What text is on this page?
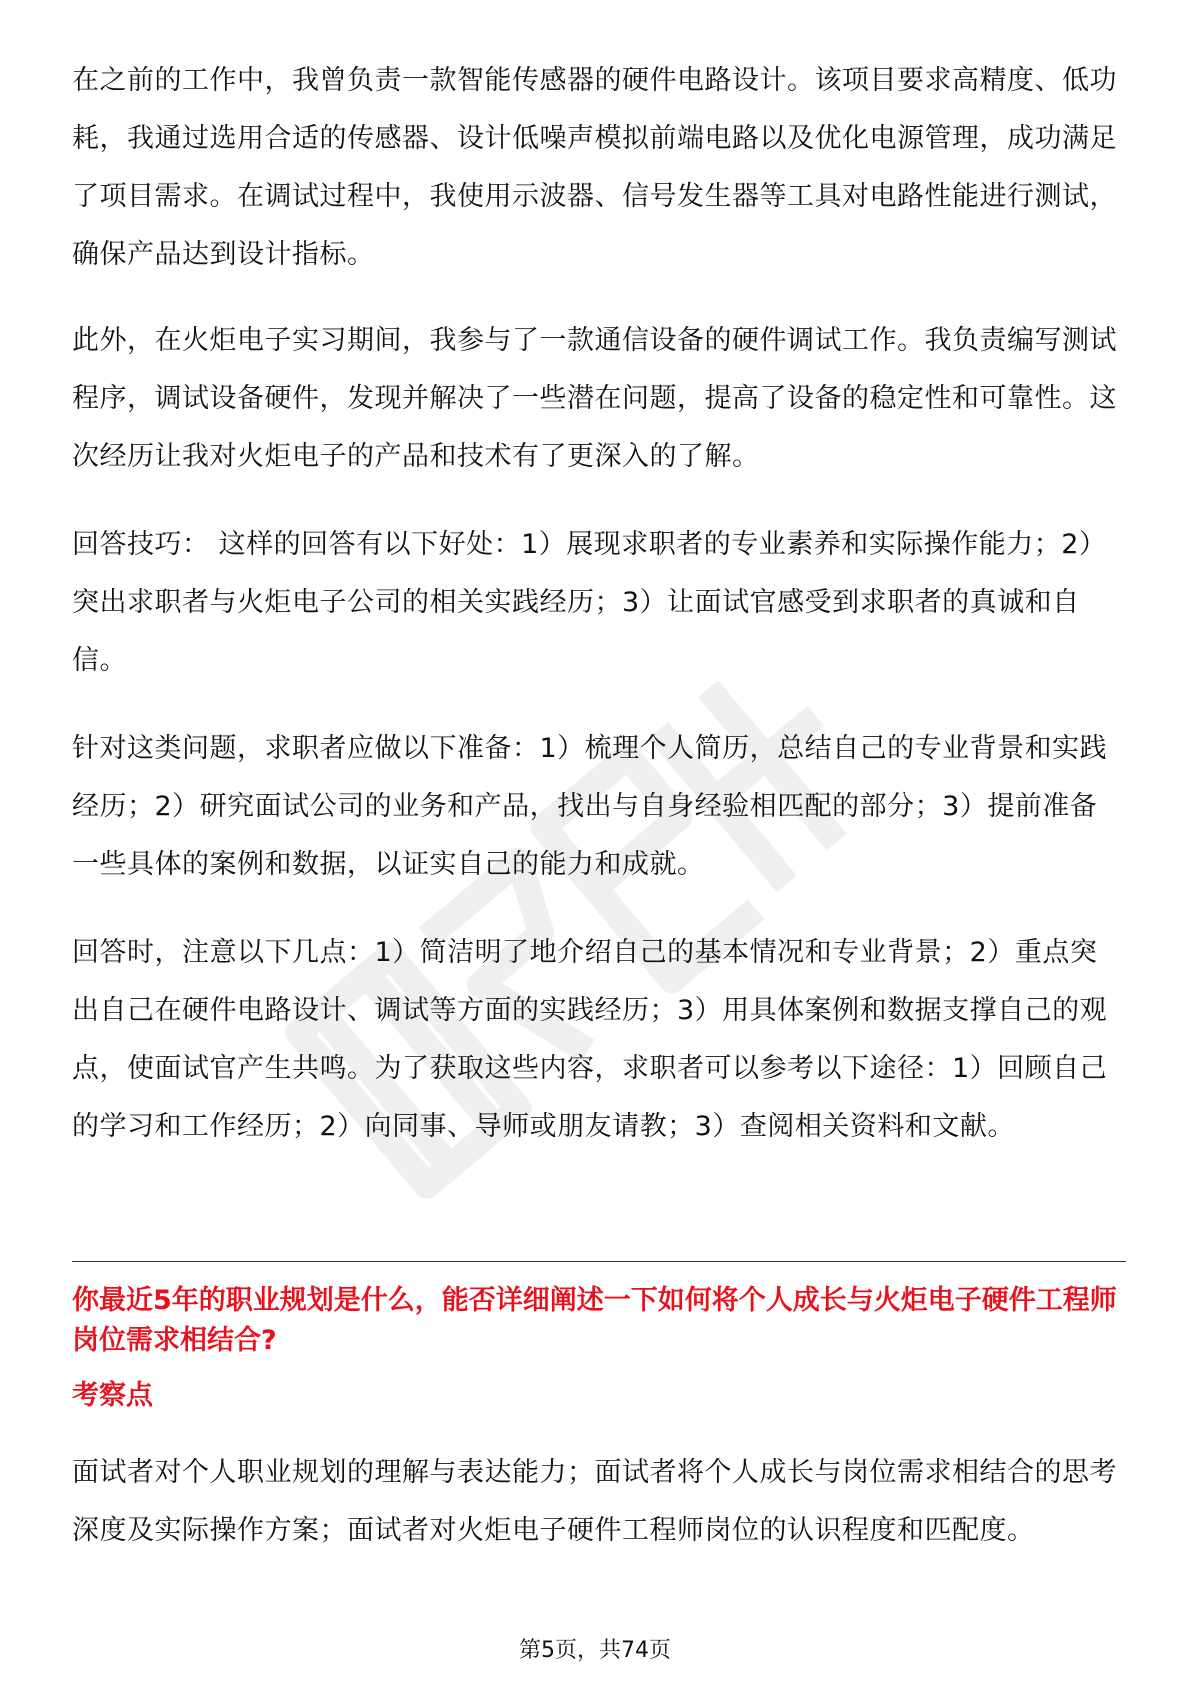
在之前的工作中，我曾负责一款智能传感器的硬件电路设计。该项目要求高精度、低功耗，我通过选用合适的传感器、设计低噪声模拟前端电路以及优化电源管理，成功满足了项目需求。在调试过程中，我使用示波器、信号发生器等工具对电路性能进行测试，确保产品达到设计指标。

此外，在火炬电子实习期间，我参与了一款通信设备的硬件调试工作。我负责编写测试程序，调试设备硬件，发现并解决了一些潜在问题，提高了设备的稳定性和可靠性。这次经历让我对火炬电子的产品和技术有了更深入的了解。

回答技巧： 这样的回答有以下好处：1）展现求职者的专业素养和实际操作能力；2）突出求职者与火炬电子公司的相关实践经历；3）让面试官感受到求职者的真诚和自信。

针对这类问题，求职者应做以下准备：1）梳理个人简历，总结自己的专业背景和实践经历；2）研究面试公司的业务和产品，找出与自身经验相匹配的部分；3）提前准备一些具体的案例和数据，以证实自己的能力和成就。

回答时，注意以下几点：1）简洁明了地介绍自己的基本情况和专业背景；2）重点突出自己在硬件电路设计、调试等方面的实践经历；3）用具体案例和数据支撑自己的观点，使面试官产生共鸣。为了获取这些内容，求职者可以参考以下途径：1）回顾自己的学习和工作经历；2）向同事、导师或朋友请教；3）查阅相关资料和文献。

你最近5年的职业规划是什么，能否详细阐述一下如何将个人成长与火炬电子硬件工程师岗位需求相结合?
考察点

面试者对个人职业规划的理解与表达能力；面试者将个人成长与岗位需求相结合的思考深度及实际操作方案；面试者对火炬电子硬件工程师岗位的认识程度和匹配度。

第5页，共74页
